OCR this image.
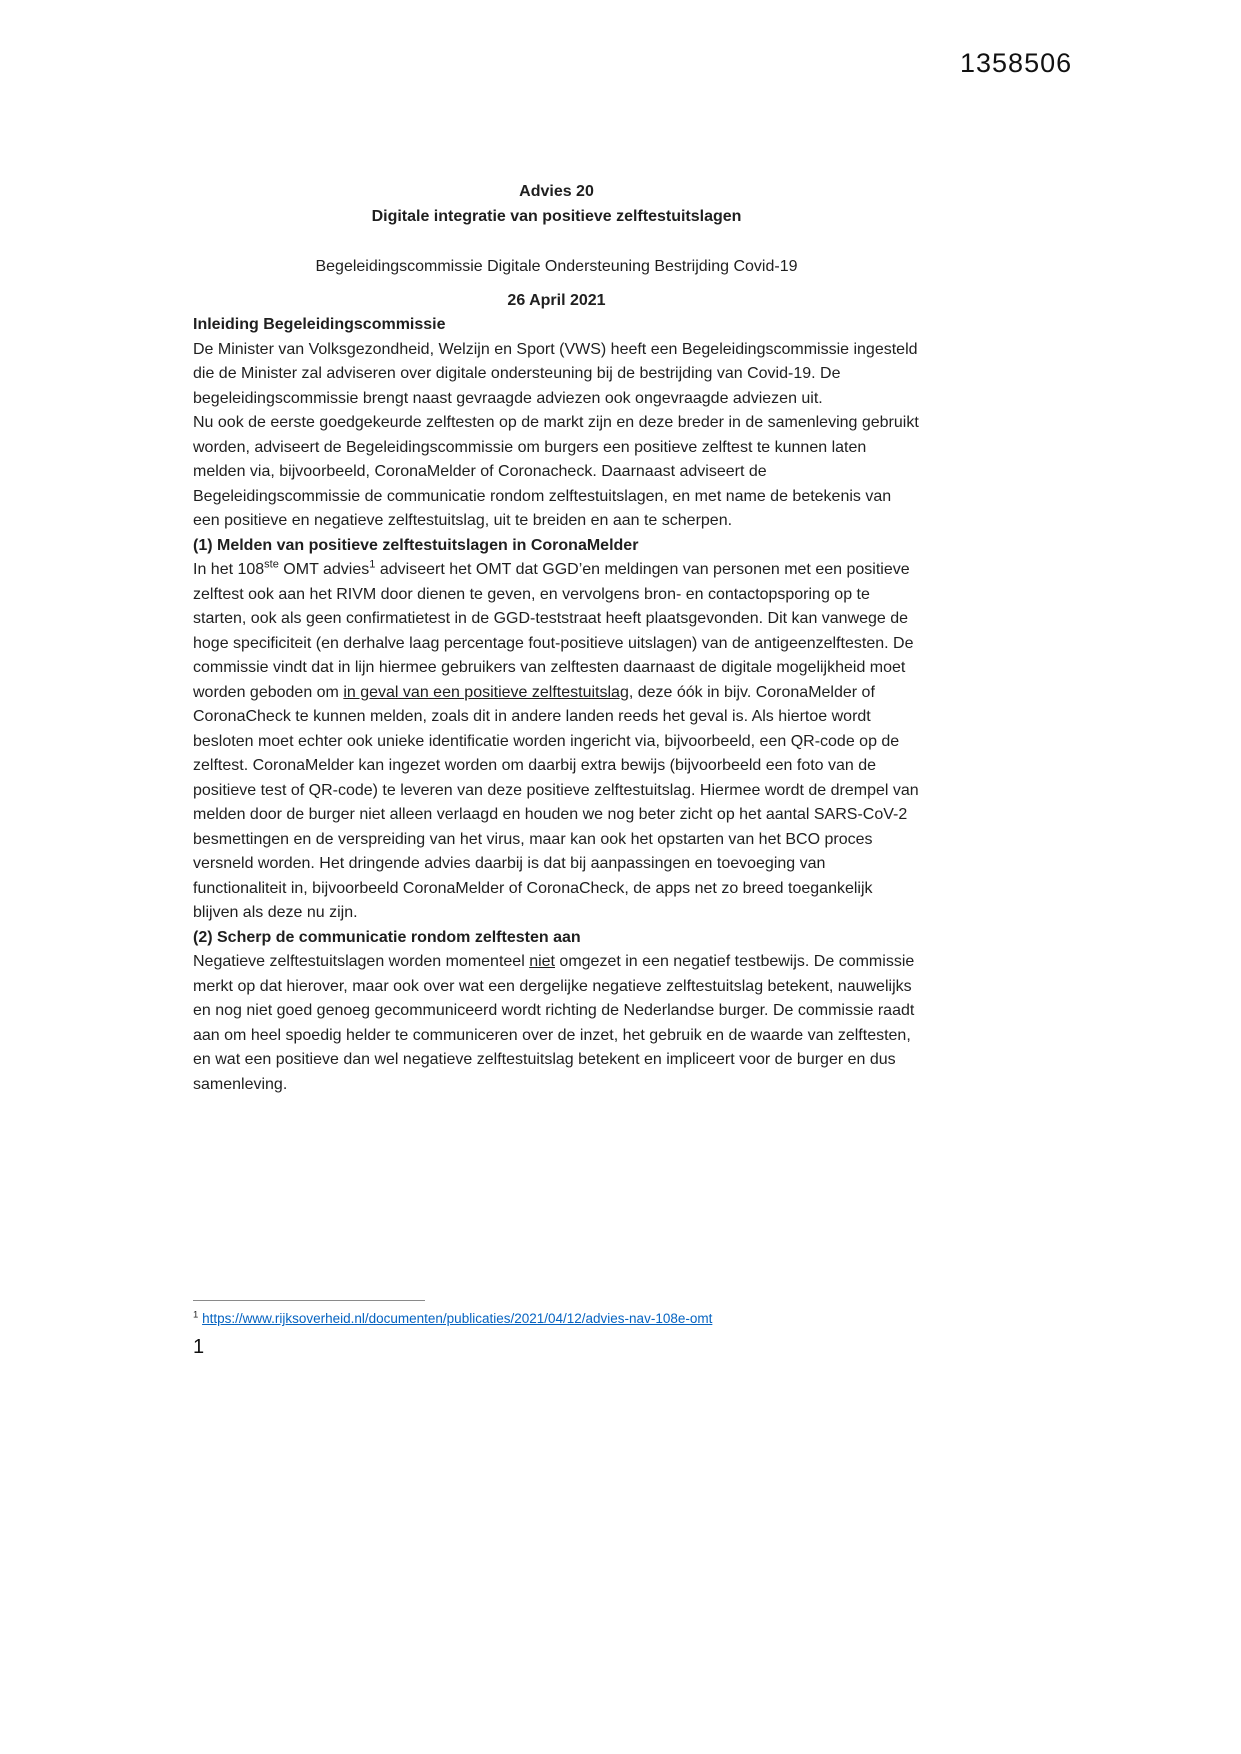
1358506
Advies 20
Digitale integratie van positieve zelftestuitslagen
Begeleidingscommissie Digitale Ondersteuning Bestrijding Covid-19
26 April 2021
Inleiding Begeleidingscommissie

De Minister van Volksgezondheid, Welzijn en Sport (VWS) heeft een Begeleidingscommissie ingesteld die de Minister zal adviseren over digitale ondersteuning bij de bestrijding van Covid-19. De begeleidingscommissie brengt naast gevraagde adviezen ook ongevraagde adviezen uit.

Nu ook de eerste goedgekeurde zelftesten op de markt zijn en deze breder in de samenleving gebruikt worden, adviseert de Begeleidingscommissie om burgers een positieve zelftest te kunnen laten melden via, bijvoorbeeld, CoronaMelder of Coronacheck. Daarnaast adviseert de Begeleidingscommissie de communicatie rondom zelftestuitslagen, en met name de betekenis van een positieve en negatieve zelftestuitslag, uit te breiden en aan te scherpen.

(1) Melden van positieve zelftestuitslagen in CoronaMelder

In het 108ste OMT advies$^1$ adviseert het OMT dat GGD’en meldingen van personen met een positieve zelftest ook aan het RIVM door dienen te geven, en vervolgens bron- en contactopsporing op te starten, ook als geen confirmatietest in de GGD-teststraat heeft plaatsgevonden. Dit kan vanwege de hoge specificiteit (en derhalve laag percentage fout-positieve uitslagen) van de antigeenzelftesten. De commissie vindt dat in lijn hiermee gebruikers van zelftesten daarnaast de digitale mogelijkheid moet worden geboden om in geval van een positieve zelftestuitslag, deze óók in bijv. CoronaMelder of CoronaCheck te kunnen melden, zoals dit in andere landen reeds het geval is. Als hiertoe wordt besloten moet echter ook unieke identificatie worden ingericht via, bijvoorbeeld, een QR-code op de zelftest. CoronaMelder kan ingezet worden om daarbij extra bewijs (bijvoorbeeld een foto van de positieve test of QR-code) te leveren van deze positieve zelftestuitslag. Hiermee wordt de drempel van melden door de burger niet alleen verlaagd en houden we nog beter zicht op het aantal SARS-CoV-2 besmettingen en de verspreiding van het virus, maar kan ook het opstarten van het BCO proces versneld worden. Het dringende advies daarbij is dat bij aanpassingen en toevoeging van functionaliteit in, bijvoorbeeld CoronaMelder of CoronaCheck, de apps net zo breed toegankelijk blijven als deze nu zijn.

(2) Scherp de communicatie rondom zelftesten aan

Negatieve zelftestuitslagen worden momenteel niet omgezet in een negatief testbewijs. De commissie merkt op dat hierover, maar ook over wat een dergelijke negatieve zelftestuitslag betekent, nauwelijks en nog niet goed genoeg gecommuniceerd wordt richting de Nederlandse burger. De commissie raadt aan om heel spoedig helder te communiceren over de inzet, het gebruik en de waarde van zelftesten, en wat een positieve dan wel negatieve zelftestuitslag betekent en impliceert voor de burger en dus samenleving.

$^1$ https://www.rijksoverheid.nl/documenten/publicaties/2021/04/12/advies-nav-108e-omt
1
